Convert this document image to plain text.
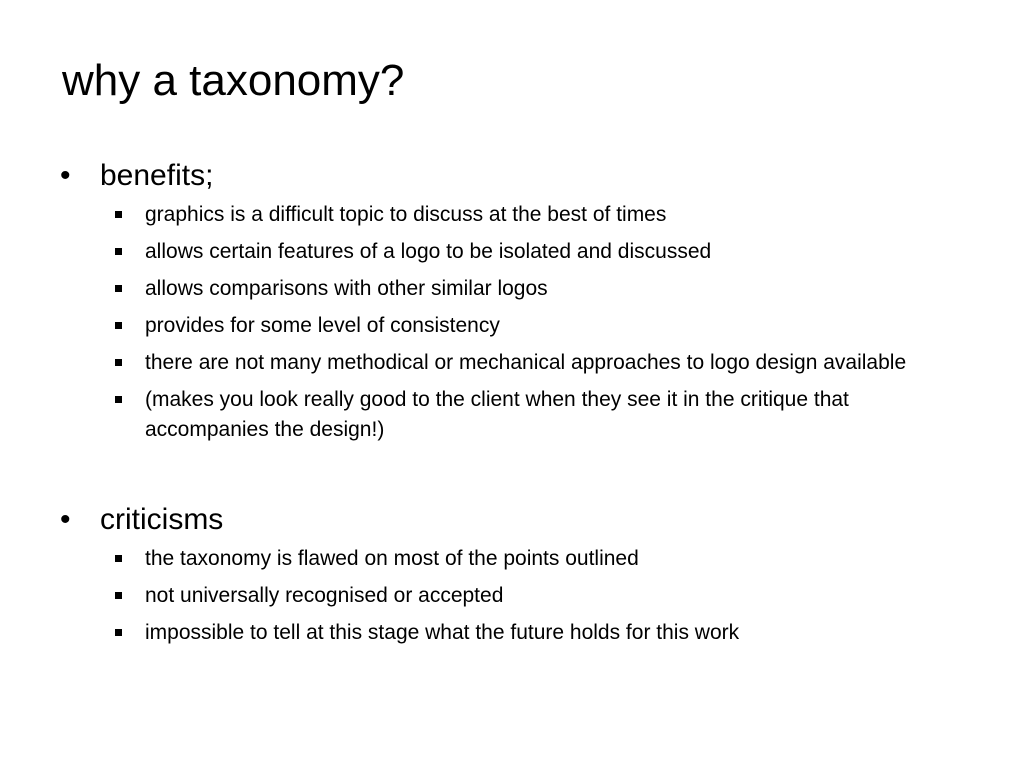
why a taxonomy?
• benefits;
graphics is a difficult topic to discuss at the best of times
allows certain features of a logo to be isolated and discussed
allows comparisons with other similar logos
provides for some level of consistency
there are not many methodical or mechanical approaches to logo design available
(makes you look really good to the client when they see it in the critique that accompanies the design!)
• criticisms
the taxonomy is flawed on most of the points outlined
not universally recognised or accepted
impossible to tell at this stage what the future holds for this work
